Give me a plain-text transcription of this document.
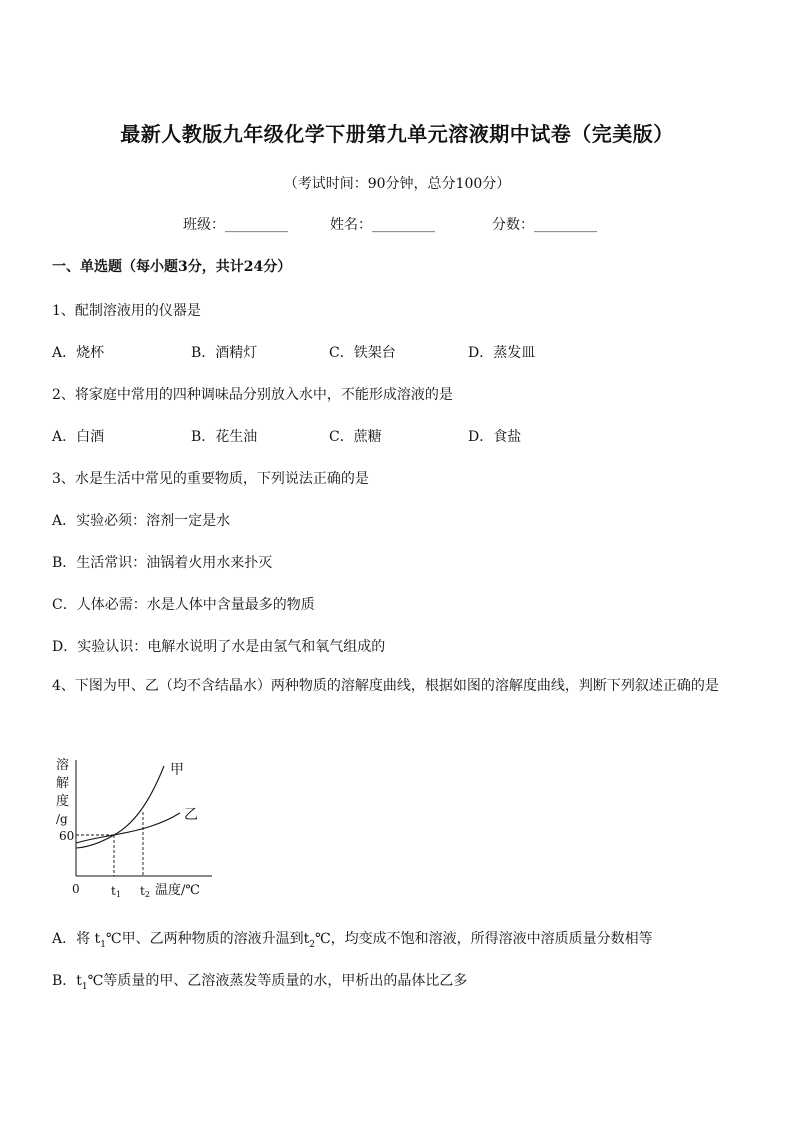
最新人教版九年级化学下册第九单元溶液期中试卷（完美版）
（考试时间：90分钟，总分100分）
班级：_________	姓名：_________	分数：_________
一、单选题（每小题3分，共计24分）
1、配制溶液用的仪器是
A．烧杯	B．酒精灯	C．铁架台	D．蒸发皿
2、将家庭中常用的四种调味品分别放入水中，不能形成溶液的是
A．白酒	B．花生油	C．蔗糖	D．食盐
3、水是生活中常见的重要物质，下列说法正确的是
A．实验必须：溶剂一定是水
B．生活常识：油锅着火用水来扑灭
C．人体必需：水是人体中含量最多的物质
D．实验认识：电解水说明了水是由氢气和氧气组成的
4、下图为甲、乙（均不含结晶水）两种物质的溶解度曲线，根据如图的溶解度曲线，判断下列叙述正确的是
溶
解
度
/g
60
甲
乙
0	t1 t2 温度/℃
A．将 $t_1℃$甲、乙两种物质的溶液升温到$t_2℃$，均变成不饱和溶液，所得溶液中溶质质量分数相等
B．$t_1℃$等质量的甲、乙溶液蒸发等质量的水，甲析出的晶体比乙多
